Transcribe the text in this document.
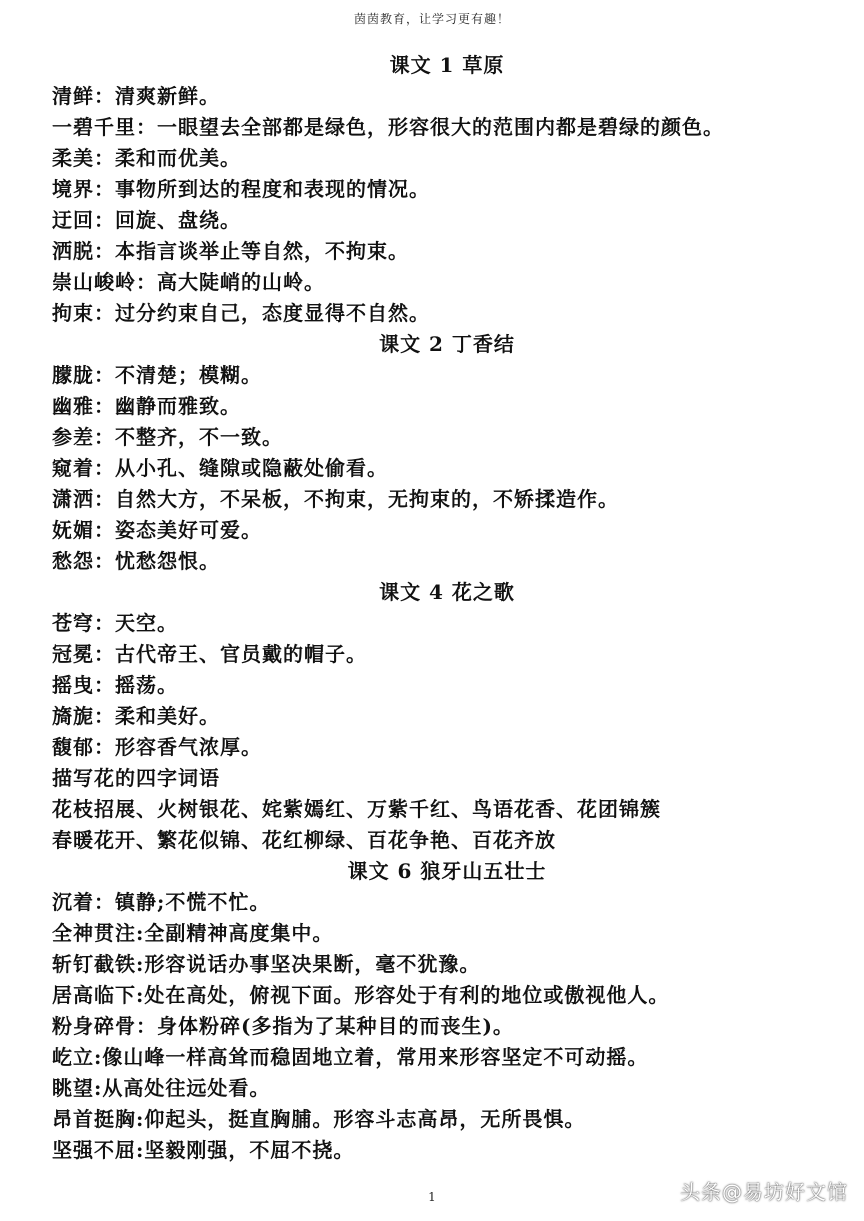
茵茵教育，让学习更有趣！
课文 1 草原
清鲜：清爽新鲜。
一碧千里：一眼望去全部都是绿色，形容很大的范围内都是碧绿的颜色。
柔美：柔和而优美。
境界：事物所到达的程度和表现的情况。
迂回：回旋、盘绕。
洒脱：本指言谈举止等自然，不拘束。
崇山峻岭：高大陡峭的山岭。
拘束：过分约束自己，态度显得不自然。
课文 2 丁香结
朦胧：不清楚；模糊。
幽雅：幽静而雅致。
参差：不整齐，不一致。
窥着：从小孔、缝隙或隐蔽处偷看。
潇洒：自然大方，不呆板，不拘束，无拘束的，不矫揉造作。
妩媚：姿态美好可爱。
愁怨：忧愁怨恨。
课文 4 花之歌
苍穹：天空。
冠冕：古代帝王、官员戴的帽子。
摇曳：摇荡。
旖旎：柔和美好。
馥郁：形容香气浓厚。
描写花的四字词语
花枝招展、火树银花、姹紫嫣红、万紫千红、鸟语花香、花团锦簇
春暖花开、繁花似锦、花红柳绿、百花争艳、百花齐放
课文 6 狼牙山五壮士
沉着：镇静;不慌不忙。
全神贯注:全副精神高度集中。
斩钉截铁:形容说话办事坚决果断，毫不犹豫。
居高临下:处在高处，俯视下面。形容处于有利的地位或傲视他人。
粉身碎骨：身体粉碎(多指为了某种目的而丧生)。
屹立:像山峰一样高耸而稳固地立着，常用来形容坚定不可动摇。
眺望:从高处往远处看。
昂首挺胸:仰起头，挺直胸脯。形容斗志高昂，无所畏惧。
坚强不屈:坚毅刚强，不屈不挠。
1	头条@易坊好文馆
